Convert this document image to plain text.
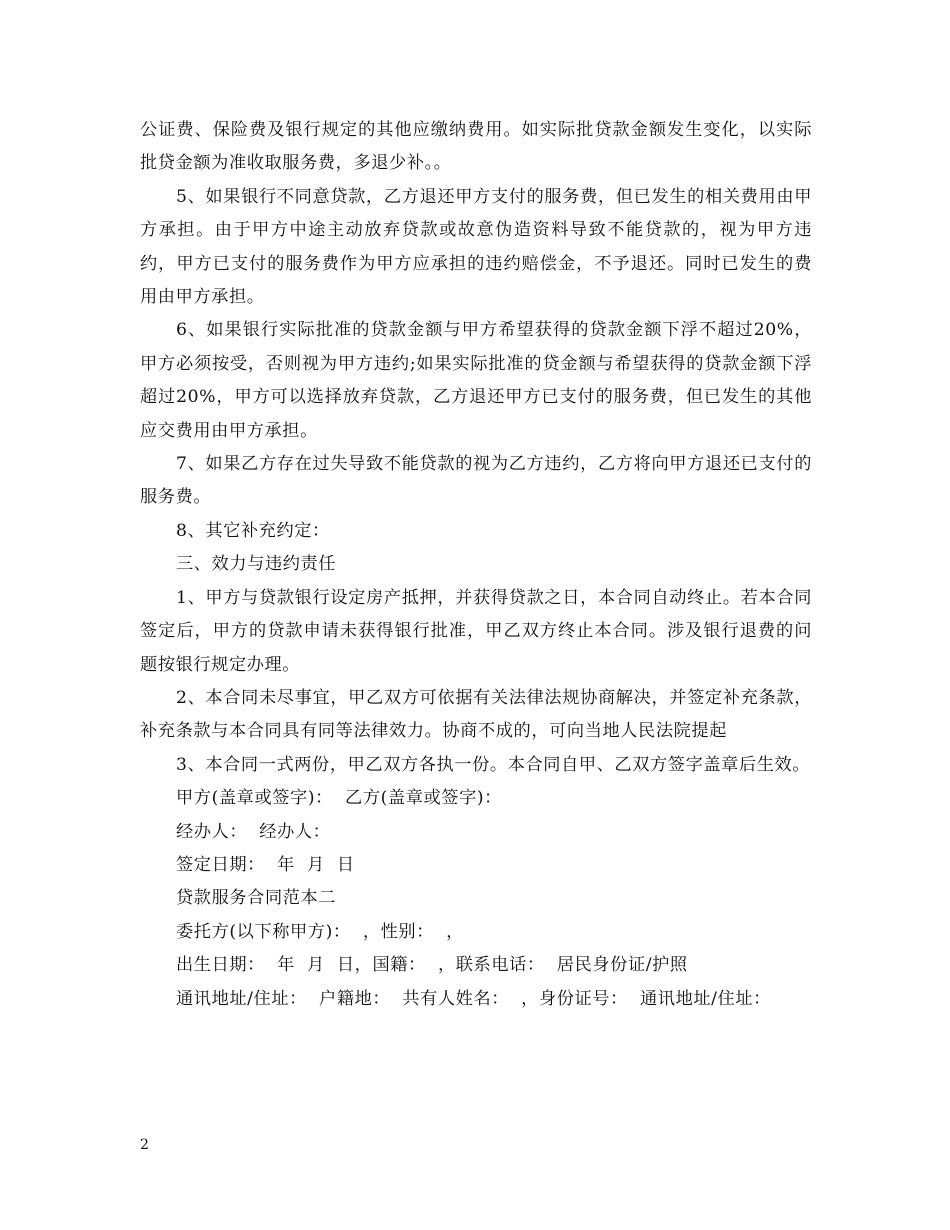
公证费、保险费及银行规定的其他应缴纳费用。如实际批贷款金额发生变化，以实际批贷金额为准收取服务费，多退少补。。

5、如果银行不同意贷款，乙方退还甲方支付的服务费，但已发生的相关费用由甲方承担。由于甲方中途主动放弃贷款或故意伪造资料导致不能贷款的，视为甲方违约，甲方已支付的服务费作为甲方应承担的违约赔偿金，不予退还。同时已发生的费用由甲方承担。

6、如果银行实际批准的贷款金额与甲方希望获得的贷款金额下浮不超过20%，甲方必须按受，否则视为甲方违约;如果实际批准的贷金额与希望获得的贷款金额下浮超过20%，甲方可以选择放弃贷款，乙方退还甲方已支付的服务费，但已发生的其他应交费用由甲方承担。

7、如果乙方存在过失导致不能贷款的视为乙方违约，乙方将向甲方退还已支付的服务费。

8、其它补充约定：

三、效力与违约责任

1、甲方与贷款银行设定房产抵押，并获得贷款之日，本合同自动终止。若本合同签定后，甲方的贷款申请未获得银行批准，甲乙双方终止本合同。涉及银行退费的问题按银行规定办理。

2、本合同未尽事宜，甲乙双方可依据有关法律法规协商解决，并签定补充条款，补充条款与本合同具有同等法律效力。协商不成的，可向当地人民法院提起

3、本合同一式两份，甲乙双方各执一份。本合同自甲、乙双方签字盖章后生效。

甲方(盖章或签字)：  乙方(盖章或签字)：

经办人：  经办人：

签定日期：  年  月  日

贷款服务合同范本二

委托方(以下称甲方)：  ，性别：  ，

出生日期：  年  月  日，国籍：  ，联系电话：  居民身份证/护照

通讯地址/住址：  户籍地：  共有人姓名：  ，身份证号：  通讯地址/住址：

2
